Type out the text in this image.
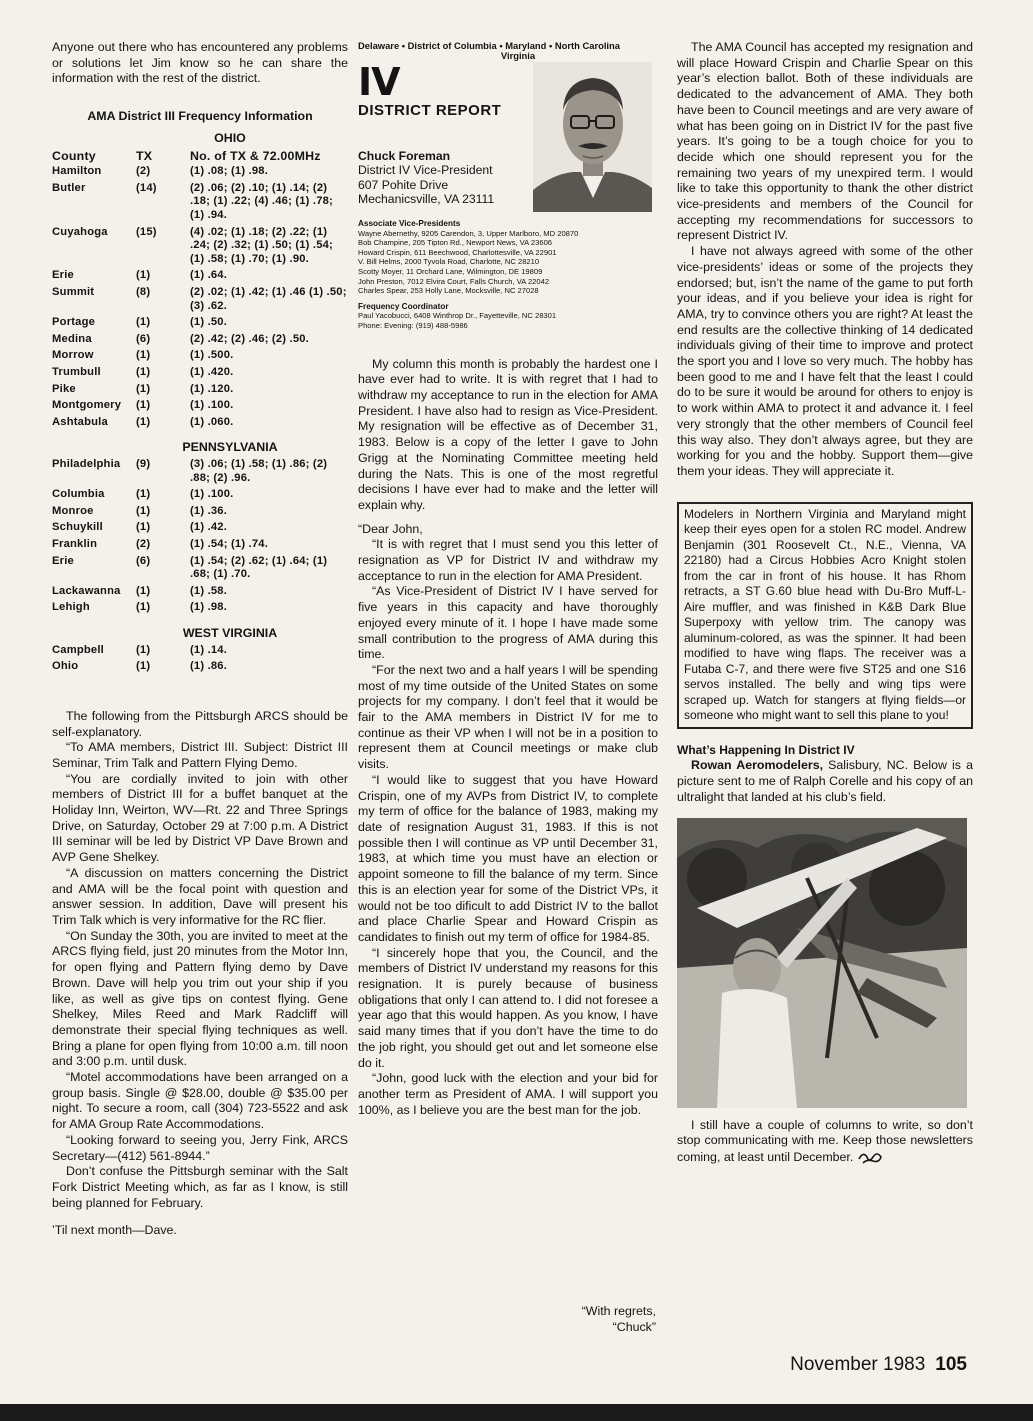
Anyone out there who has encountered any problems or solutions let Jim know so he can share the information with the rest of the district.

AMA District III Frequency Information
OHIO
County	TX	No. of TX & 72.00MHz
Hamilton	(2)	(1) .08; (1) .98.
Butler	(14)	(2) .06; (2) .10; (1) .14; (2) .18; (1) .22; (4) .46; (1) .78; (1) .94.
Cuyahoga	(15)	(4) .02; (1) .18; (2) .22; (1) .24; (2) .32; (1) .50; (1) .54; (1) .58; (1) .70; (1) .90.
Erie	(1)	(1) .64.
Summit	(8)	(2) .02; (1) .42; (1) .46 (1) .50; (3) .62.
Portage	(1)	(1) .50.
Medina	(6)	(2) .42; (2) .46; (2) .50.
Morrow	(1)	(1) .500.
Trumbull	(1)	(1) .420.
Pike	(1)	(1) .120.
Montgomery	(1)	(1) .100.
Ashtabula	(1)	(1) .060.
PENNSYLVANIA
Philadelphia	(9)	(3) .06; (1) .58; (1) .86; (2) .88; (2) .96.
Columbia	(1)	(1) .100.
Monroe	(1)	(1) .36.
Schuykill	(1)	(1) .42.
Franklin	(2)	(1) .54; (1) .74.
Erie	(6)	(1) .54; (2) .62; (1) .64; (1) .68; (1) .70.
Lackawanna	(1)	(1) .58.
Lehigh	(1)	(1) .98.
WEST VIRGINIA
Campbell	(1)	(1) .14.
Ohio	(1)	(1) .86.

The following from the Pittsburgh ARCS should be self-explanatory.

“To AMA members, District III. Subject: District III Seminar, Trim Talk and Pattern Flying Demo.

“You are cordially invited to join with other members of District III for a buffet banquet at the Holiday Inn, Weirton, WV—Rt. 22 and Three Springs Drive, on Saturday, October 29 at 7:00 p.m. A District III seminar will be led by District VP Dave Brown and AVP Gene Shelkey.

“A discussion on matters concerning the District and AMA will be the focal point with question and answer session. In addition, Dave will present his Trim Talk which is very informative for the RC flier.

“On Sunday the 30th, you are invited to meet at the ARCS flying field, just 20 minutes from the Motor Inn, for open flying and Pattern flying demo by Dave Brown. Dave will help you trim out your ship if you like, as well as give tips on contest flying. Gene Shelkey, Miles Reed and Mark Radcliff will demonstrate their special flying techniques as well. Bring a plane for open flying from 10:00 a.m. till noon and 3:00 p.m. until dusk.

“Motel accommodations have been arranged on a group basis. Single @ $28.00, double @ $35.00 per night. To secure a room, call (304) 723-5522 and ask for AMA Group Rate Accommodations.

“Looking forward to seeing you, Jerry Fink, ARCS Secretary—(412) 561-8944.”

Don’t confuse the Pittsburgh seminar with the Salt Fork District Meeting which, as far as I know, is still being planned for February.

’Til next month—Dave.

Delaware • District of Columbia • Maryland • North Carolina
Virginia
IV
DISTRICT REPORT
Chuck Foreman
District IV Vice-President
607 Pohite Drive
Mechanicsville, VA 23111
Associate Vice-Presidents
Wayne Abernethy, 9205 Carendon, 3, Upper Marlboro, MD 20870
Bob Champine, 205 Tipton Rd., Newport News, VA 23606
Howard Crispin, 611 Beechwood, Charlottesville, VA 22901
V. Bill Helms, 2000 Tyvola Road, Charlotte, NC 28210
Scotty Moyer, 11 Orchard Lane, Wilmington, DE 19809
John Preston, 7012 Elvira Court, Falls Church, VA 22042
Charles Spear, 253 Holly Lane, Mocksville, NC 27028
Frequency Coordinator
Paul Yacobucci, 6408 Winthrop Dr., Fayetteville, NC 28301
Phone: Evening: (919) 488-5986

My column this month is probably the hardest one I have ever had to write. It is with regret that I had to withdraw my acceptance to run in the election for AMA President. I have also had to resign as Vice-President. My resignation will be effective as of December 31, 1983. Below is a copy of the letter I gave to John Grigg at the Nominating Committee meeting held during the Nats. This is one of the most regretful decisions I have ever had to make and the letter will explain why.

“Dear John,

“It is with regret that I must send you this letter of resignation as VP for District IV and withdraw my acceptance to run in the election for AMA President.

“As Vice-President of District IV I have served for five years in this capacity and have thoroughly enjoyed every minute of it. I hope I have made some small contribution to the progress of AMA during this time.

“For the next two and a half years I will be spending most of my time outside of the United States on some projects for my company. I don’t feel that it would be fair to the AMA members in District IV for me to continue as their VP when I will not be in a position to represent them at Council meetings or make club visits.

“I would like to suggest that you have Howard Crispin, one of my AVPs from District IV, to complete my term of office for the balance of 1983, making my date of resignation August 31, 1983. If this is not possible then I will continue as VP until December 31, 1983, at which time you must have an election or appoint someone to fill the balance of my term. Since this is an election year for some of the District VPs, it would not be too dificult to add District IV to the ballot and place Charlie Spear and Howard Crispin as candidates to finish out my term of office for 1984-85.

“I sincerely hope that you, the Council, and the members of District IV understand my reasons for this resignation. It is purely because of business obligations that only I can attend to. I did not foresee a year ago that this would happen. As you know, I have said many times that if you don’t have the time to do the job right, you should get out and let someone else do it.

“John, good luck with the election and your bid for another term as President of AMA. I will support you 100%, as I believe you are the best man for the job.

“With regrets,
“Chuck”

The AMA Council has accepted my resignation and will place Howard Crispin and Charlie Spear on this year’s election ballot. Both of these individuals are dedicated to the advancement of AMA. They both have been to Council meetings and are very aware of what has been going on in District IV for the past five years. It’s going to be a tough choice for you to decide which one should represent you for the remaining two years of my unexpired term. I would like to take this opportunity to thank the other district vice-presidents and members of the Council for accepting my recommendations for successors to represent District IV.

I have not always agreed with some of the other vice-presidents’ ideas or some of the projects they endorsed; but, isn’t the name of the game to put forth your ideas, and if you believe your idea is right for AMA, try to convince others you are right? At least the end results are the collective thinking of 14 dedicated individuals giving of their time to improve and protect the sport you and I love so very much. The hobby has been good to me and I have felt that the least I could do to be sure it would be around for others to enjoy is to work within AMA to protect it and advance it. I feel very strongly that the other members of Council feel this way also. They don’t always agree, but they are working for you and the hobby. Support them—give them your ideas. They will appreciate it.

Modelers in Northern Virginia and Maryland might keep their eyes open for a stolen RC model. Andrew Benjamin (301 Roosevelt Ct., N.E., Vienna, VA 22180) had a Circus Hobbies Acro Knight stolen from the car in front of his house. It has Rhom retracts, a ST G.60 blue head with Du-Bro Muff-L-Aire muffler, and was finished in K&B Dark Blue Superpoxy with yellow trim. The canopy was aluminum-colored, as was the spinner. It had been modified to have wing flaps. The receiver was a Futaba C-7, and there were five ST25 and one S16 servos installed. The belly and wing tips were scraped up. Watch for stangers at flying fields—or someone who might want to sell this plane to you!

What’s Happening In District IV

Rowan Aeromodelers, Salisbury, NC. Below is a picture sent to me of Ralph Corelle and his copy of an ultralight that landed at his club’s field.

I still have a couple of columns to write, so don’t stop communicating with me. Keep those newsletters coming, at least until December.

November 1983 105
